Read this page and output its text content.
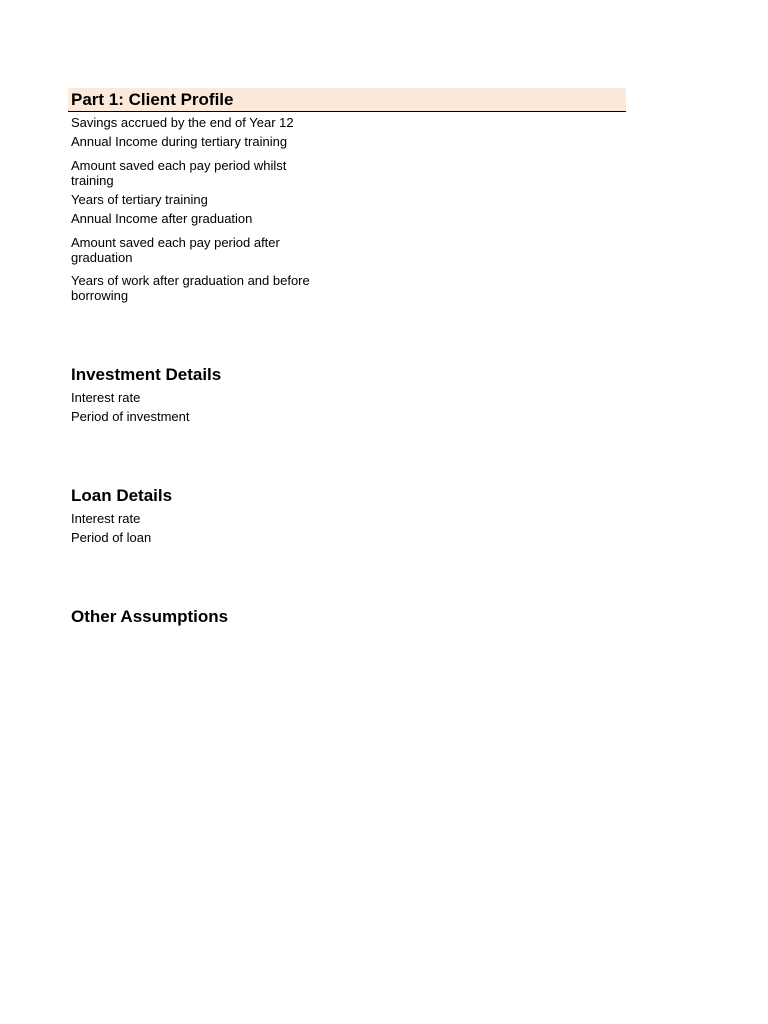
Part 1: Client Profile
Savings accrued by the end of Year 12
Annual Income during tertiary training
Amount saved each pay period whilst training
Years of tertiary training
Annual Income after graduation
Amount saved each pay period after graduation
Years of work after graduation and before borrowing
Investment Details
Interest rate
Period of investment
Loan Details
Interest rate
Period of loan
Other Assumptions
